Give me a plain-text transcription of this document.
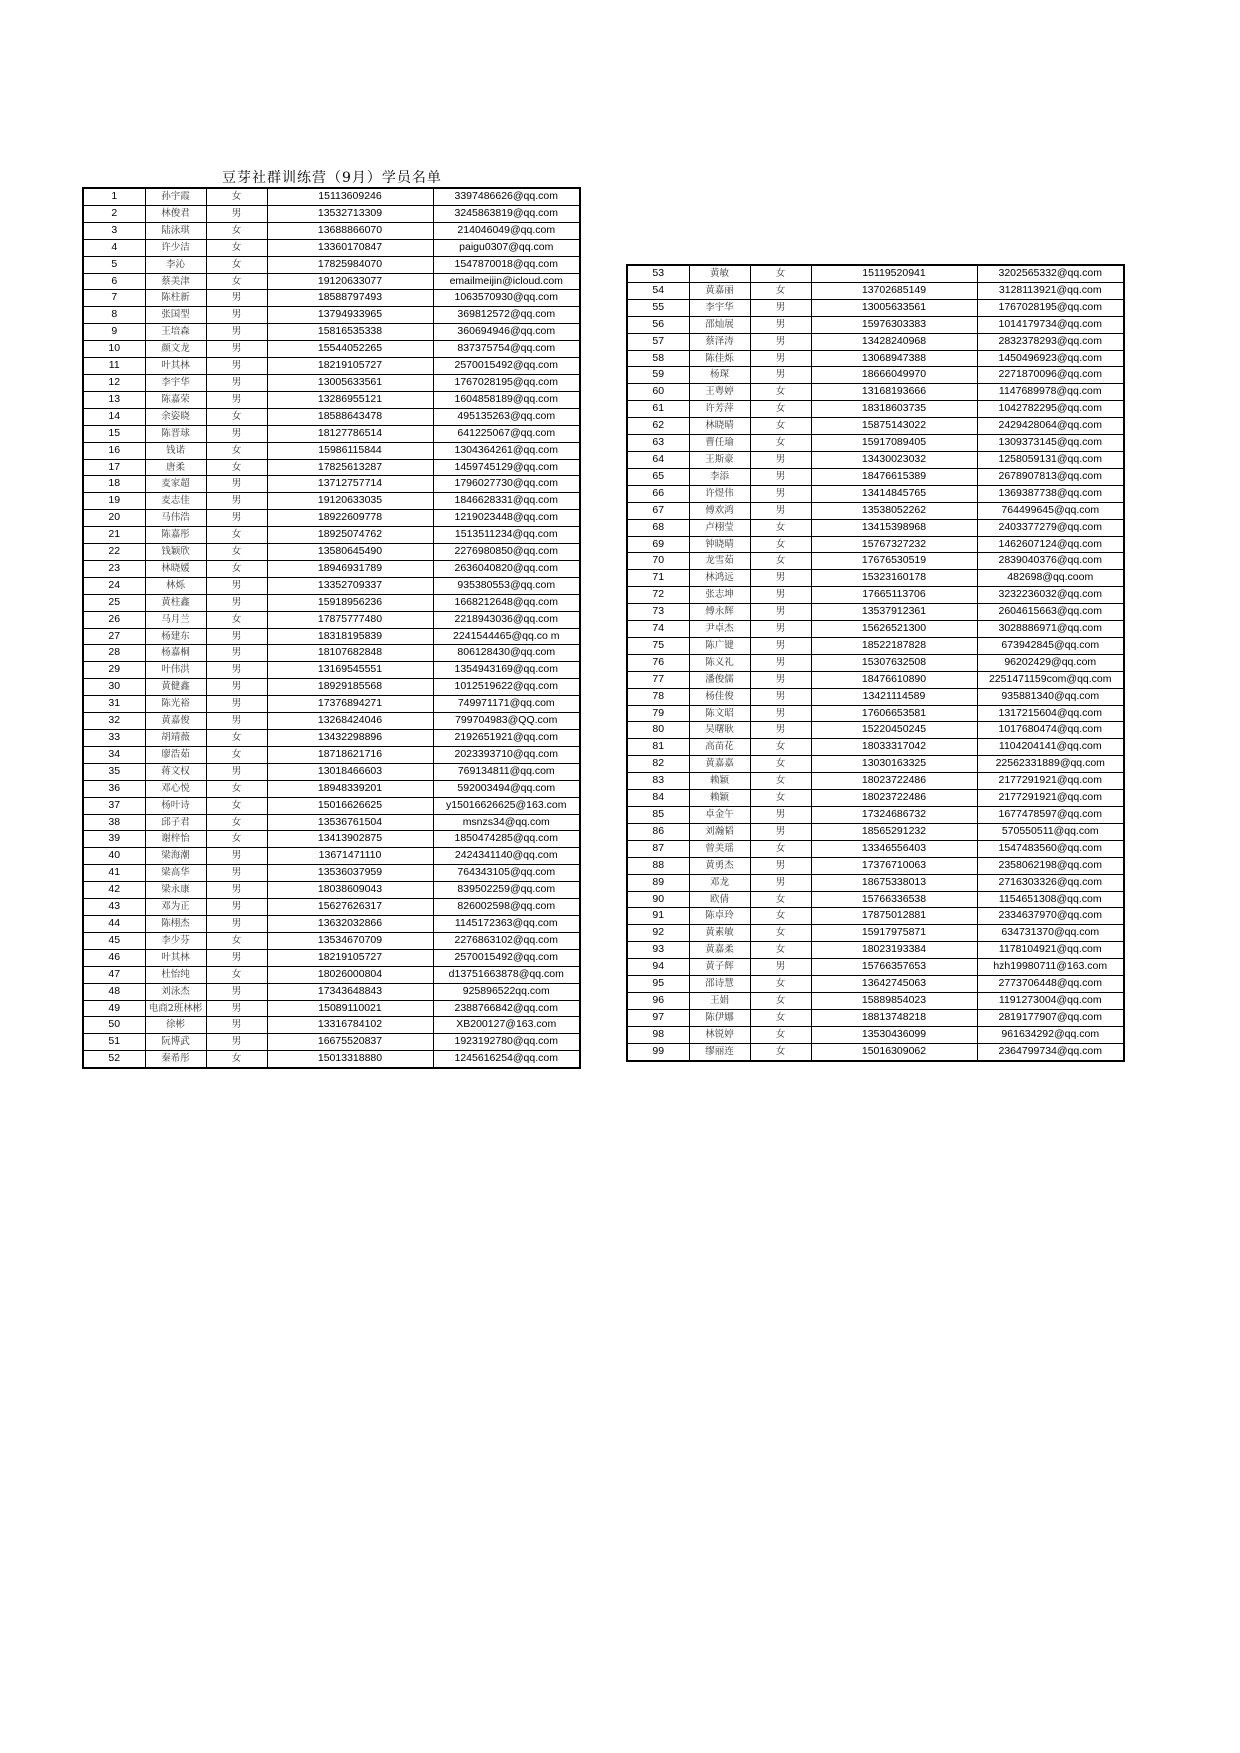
豆芽社群训练营（9月）学员名单
1	孙宇霞	女	15113609246	3397486626@qq.com
2	林俊君	男	13532713309	3245863819@qq.com
3	陆泳琪	女	13688866070	214046049@qq.com
4	许少洁	女	13360170847	paigu0307@qq.com
5	李沁	女	17825984070	1547870018@qq.com
6	蔡美津	女	19120633077	emailmeijin@icloud.com
7	陈柱新	男	18588797493	1063570930@qq.com
8	张国型	男	13794933965	369812572@qq.com
9	王培森	男	15816535338	360694946@qq.com
10	颜文龙	男	15544052265	837375754@qq.com
11	叶其林	男	18219105727	2570015492@qq.com
12	李宇华	男	13005633561	1767028195@qq.com
13	陈嘉荣	男	13286955121	1604858189@qq.com
14	余姿晓	女	18588643478	495135263@qq.com
15	陈晋球	男	18127786514	641225067@qq.com
16	钱诺	女	15986115844	1304364261@qq.com
17	唐柔	女	17825613287	1459745129@qq.com
18	麦家超	男	13712757714	1796027730@qq.com
19	麦志佳	男	19120633035	1846628331@qq.com
20	马伟浩	男	18922609778	1219023448@qq.com
21	陈嘉彤	女	18925074762	1513511234@qq.com
22	钱颖欣	女	13580645490	2276980850@qq.com
23	林晓媛	女	18946931789	2636040820@qq.com
24	林烁	男	13352709337	935380553@qq.com
25	黄柱鑫	男	15918956236	166821264​8@qq.com
26	马月兰	女	17875777480	2218943036@qq.com
27	杨建东	男	18318195839	2241544465@qq.co m
28	杨嘉桐	男	18107682848	806128430@qq.com
29	叶伟洪	男	13169545551	1354943169@qq.com
30	黄健鑫	男	18929185568	1012519622@qq.com
31	陈光裕	男	17376894271	749971171@qq.com
32	黄嘉俊	男	13268424046	799704983@QQ.com
33	胡靖薇	女	13432298896	2192651921@qq.com
34	廖浩茹	女	18718621716	2023393710@qq.com
35	蒋文权	男	13018466603	769134811@qq.com
36	邓心悦	女	18948339201	592003494@qq.com
37	杨叶诗	女	15016626625	y15016626625@163.com
38	邱子君	女	13536761504	msnzs34@qq.com
39	谢梓怡	女	13413902875	1850474285@qq.com
40	梁海潮	男	13671471110	2424341140@qq.com
41	梁高华	男	13536037959	764343105@qq.com
42	梁永康	男	18038609043	839502259@qq.com
43	邓为正	男	15627626317	826002598@qq.com
44	陈栩杰	男	13632032866	1145172363@qq.com
45	李少芬	女	13534670709	2276863102@qq.com
46	叶其林	男	18219105727	2570015492@qq.com
47	杜怡纯	女	18026000804	d13751663878@qq.com
48	刘泳杰	男	17343648843	925896522qq.com
49	电商2班林彬	男	15089110021	2388766842@qq.com
50	徐彬	男	13316784102	XB200127@163.com
51	阮博武	男	16675520837	1923192780@qq.com
52	秦希彤	女	15013318880	1245616254@qq.com
53	黄敏	女	15119520941	3202565332@qq.com
54	黄嘉丽	女	13702685149	3128113921@qq.com
55	李宇华	男	13005633561	1767028195@qq.com
56	邵灿展	男	15976303383	1014179734@qq.com
57	蔡泽涛	男	13428240968	2832378293@qq.com
58	陈佳烁	男	13068947388	1450496923@qq.com
59	杨琛	男	18666049970	2271870096@qq.com
60	王粤婷	女	13168193666	1147689978@qq.com
61	许芳萍	女	18318603735	1042782295@qq.com
62	林晓晴	女	15875143022	2429428064@qq.com
63	曹任瑜	女	15917089405	1309373145@qq.com
64	王斯豪	男	13430023032	1258059131@qq.com
65	李添	男	18476615389	2678907813@qq.com
66	许煜伟	男	13414845765	1369387738@qq.com
67	傅欢鸿	男	13538052262	764499645@qq.com
68	卢栩莹	女	13415398968	2403377279@qq.com
69	钟晓晴	女	15767327232	1462607124@qq.com
70	龙雪茹	女	17676530519	2839040376@qq.com
71	林鸿远	男	15323160178	482698@qq.coom
72	张志坤	男	17665113706	3232236032@qq.com
73	傅永辉	男	13537912361	2604615663@qq.com
74	尹卓杰	男	15626521300	3028886971@qq.com
75	陈广键	男	18522187828	673942845@qq.com
76	陈义礼	男	15307632508	96202429@qq.com
77	潘俊儒	男	18476610890	2251471159com@qq.com
78	杨佳俊	男	13421114589	935881340@qq.com
79	陈文昭	男	17606653581	1317215604@qq.com
80	吴曙耿	男	15220450245	1017680474@qq.com
81	高苗花	女	18033317042	1104204141@qq.com
82	黄嘉嘉	女	13030163325	22562331889@qq.com
83	赖颖	女	18023722486	2177291921@qq.com
84	赖颖	女	18023722486	2177291921@qq.com
85	卓金午	男	17324686732	1677478597@qq.com
86	刘瀚韬	男	18565291232	570550511@qq.com
87	曾美瑶	女	13346556403	1547483560@qq.com
88	黄勇杰	男	17376710063	2358062198@qq.com
89	邓龙	男	18675338013	2716303326@qq.com
90	欧倩	女	15766336538	1154651308@qq.com
91	陈卓玲	女	17875012881	2334637970@qq.com
92	黄素敏	女	15917975871	634731370@qq.com
93	黄嘉柔	女	18023193384	1178104921@qq.com
94	黄子辉	男	15766357653	hzh19980711@163.com
95	邵诗慧	女	13642745063	2773706448@qq.com
96	王娟	女	15889854023	1191273004@qq.com
97	陈伊娜	女	18813748218	2819177907@qq.com
98	林锐婷	女	13530436099	961634292@qq.com
99	缪丽连	女	15016309062	2364799734@qq.com
